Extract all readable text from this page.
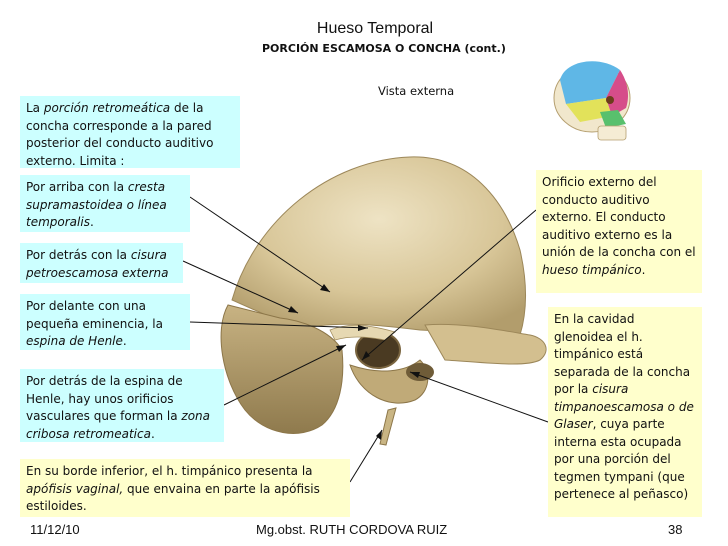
Hueso Temporal
PORCIÓN ESCAMOSA O CONCHA (cont.)
Vista externa
La porción retromeática de la concha corresponde a la pared posterior del conducto auditivo externo. Limita :
Por arriba con la cresta supramastoidea o línea temporalis.
Por detrás con la cisura petroescamosa externa
Por delante con una pequeña eminencia, la espina de Henle.
Por detrás de la espina de Henle, hay unos orificios vasculares que forman la zona cribosa retromeatica.
En su borde inferior, el h. timpánico presenta la apófisis vaginal, que envaina en parte la apófisis estiloides.
Orificio externo del conducto auditivo externo. El conducto auditivo externo es la unión de la concha con el hueso timpánico.
En la cavidad glenoidea el h. timpánico está separada de la concha por la cisura timpanoescamosa o de Glaser, cuya parte interna esta ocupada por una porción del tegmen tympani (que pertenece al peñasco)
11/12/10	Mg.obst. RUTH CORDOVA RUIZ	38
